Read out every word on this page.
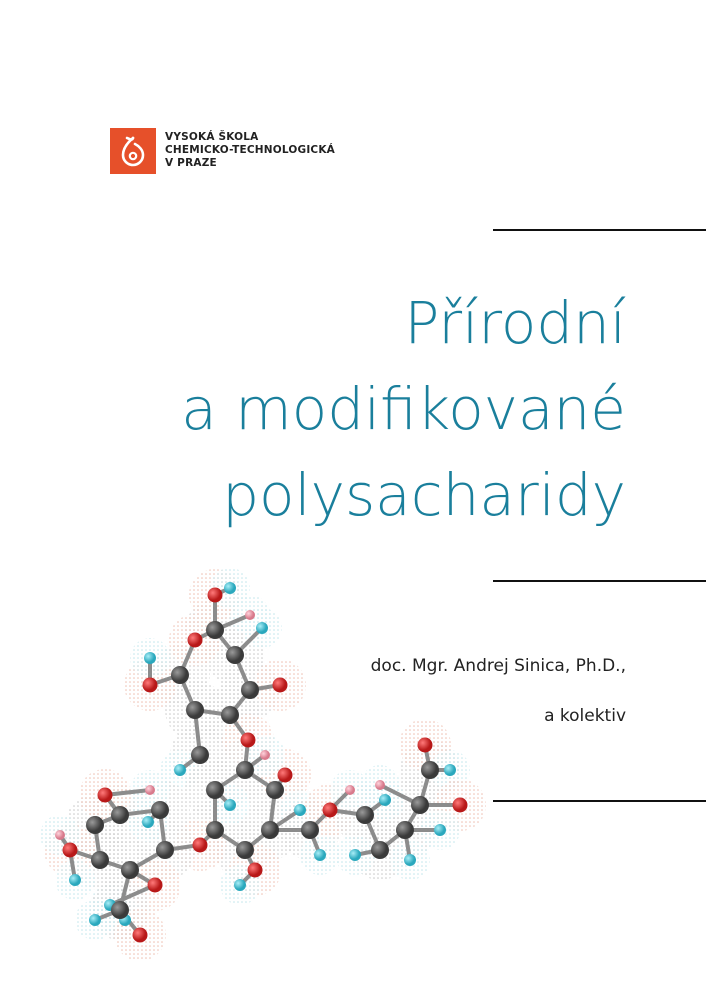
VYSOKÁ ŠKOLA
CHEMICKO-TECHNOLOGICKÁ
V PRAZE
Přírodní
a modifikované
polysacharidy
doc. Mgr. Andrej Sinica, Ph.D.,
a kolektiv
